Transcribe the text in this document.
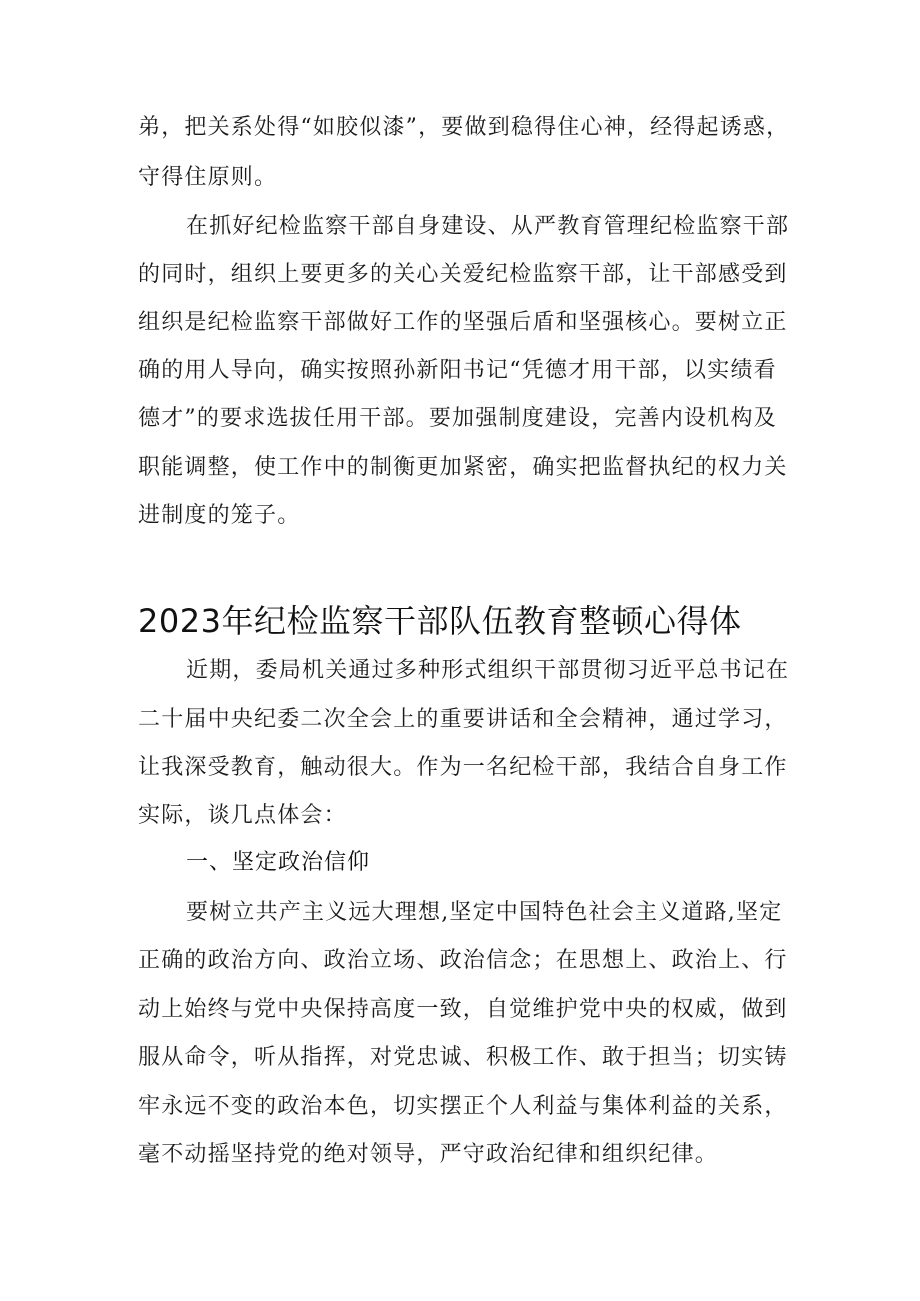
弟，把关系处得“如胶似漆”，要做到稳得住心神，经得起诱惑，
守得住原则。
在抓好纪检监察干部自身建设、从严教育管理纪检监察干部
的同时，组织上要更多的关心关爱纪检监察干部，让干部感受到
组织是纪检监察干部做好工作的坚强后盾和坚强核心。要树立正
确的用人导向，确实按照孙新阳书记“凭德才用干部，以实绩看
德才”的要求选拔任用干部。要加强制度建设，完善内设机构及
职能调整，使工作中的制衡更加紧密，确实把监督执纪的权力关
进制度的笼子。
2023年纪检监察干部队伍教育整顿心得体
近期，委局机关通过多种形式组织干部贯彻习近平总书记在
二十届中央纪委二次全会上的重要讲话和全会精神，通过学习，
让我深受教育，触动很大。作为一名纪检干部，我结合自身工作
实际，谈几点体会：
一、坚定政治信仰
要树立共产主义远大理想,坚定中国特色社会主义道路,坚定
正确的政治方向、政治立场、政治信念；在思想上、政治上、行
动上始终与党中央保持高度一致，自觉维护党中央的权威，做到
服从命令，听从指挥，对党忠诚、积极工作、敢于担当；切实铸
牢永远不变的政治本色，切实摆正个人利益与集体利益的关系，
毫不动摇坚持党的绝对领导，严守政治纪律和组织纪律。
